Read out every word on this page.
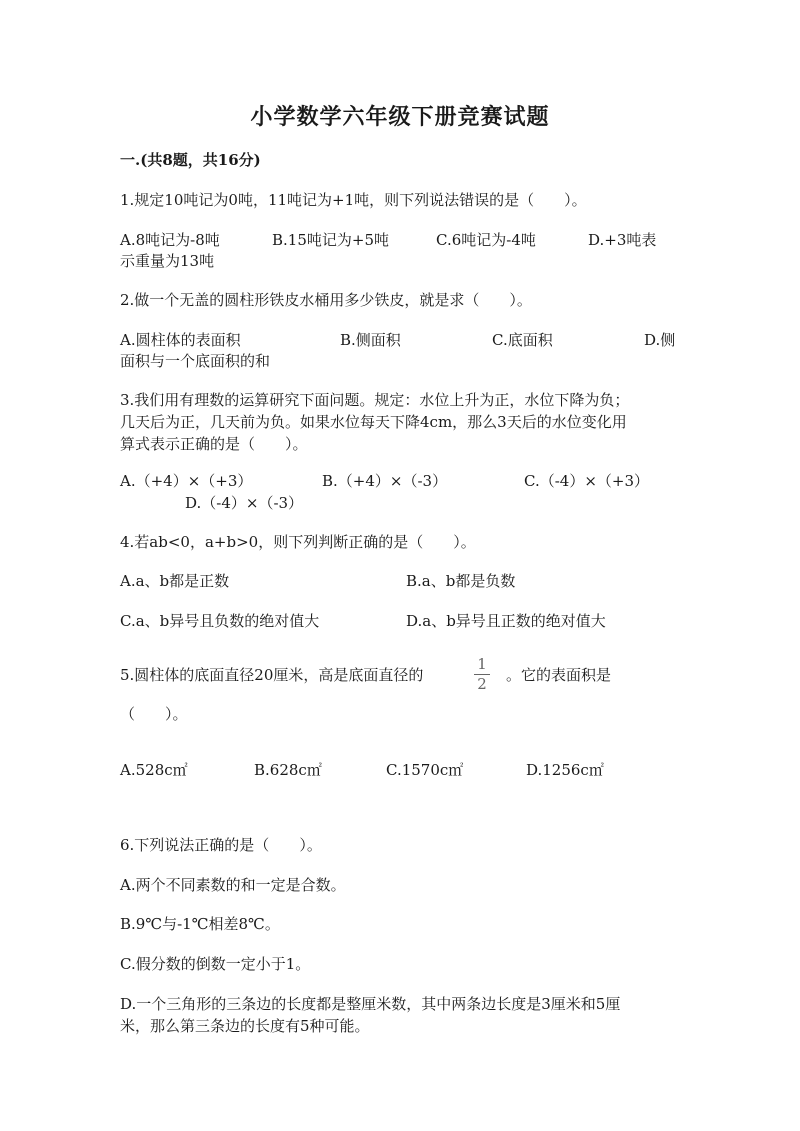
小学数学六年级下册竞赛试题
一.(共8题，共16分)
1.规定10吨记为0吨，11吨记为+1吨，则下列说法错误的是（　　）。
A.8吨记为-8吨	B.15吨记为+5吨	C.6吨记为-4吨	D.+3吨表
示重量为13吨
2.做一个无盖的圆柱形铁皮水桶用多少铁皮，就是求（　　）。
A.圆柱体的表面积	B.侧面积	C.底面积	D.侧
面积与一个底面积的和
3.我们用有理数的运算研究下面问题。规定：水位上升为正，水位下降为负；
几天后为正，几天前为负。如果水位每天下降4cm，那么3天后的水位变化用
算式表示正确的是（　　）。
A.（+4）×（+3）	B.（+4）×（-3）	C.（-4）×（+3）
D.（-4）×（-3）
4.若ab<0，a+b>0，则下列判断正确的是（　　）。
A.a、b都是正数	B.a、b都是负数
C.a、b异号且负数的绝对值大	D.a、b异号且正数的绝对值大
5.圆柱体的底面直径20厘米，高是底面直径的
1
2 。它的表面积是
（　　）。
A.528c㎡	B.628c㎡	C.1570c㎡	D.1256c㎡
6.下列说法正确的是（　　）。
A.两个不同素数的和一定是合数。
B.9℃与-1℃相差8℃。
C.假分数的倒数一定小于1。
D.一个三角形的三条边的长度都是整厘米数，其中两条边长度是3厘米和5厘
米，那么第三条边的长度有5种可能。
